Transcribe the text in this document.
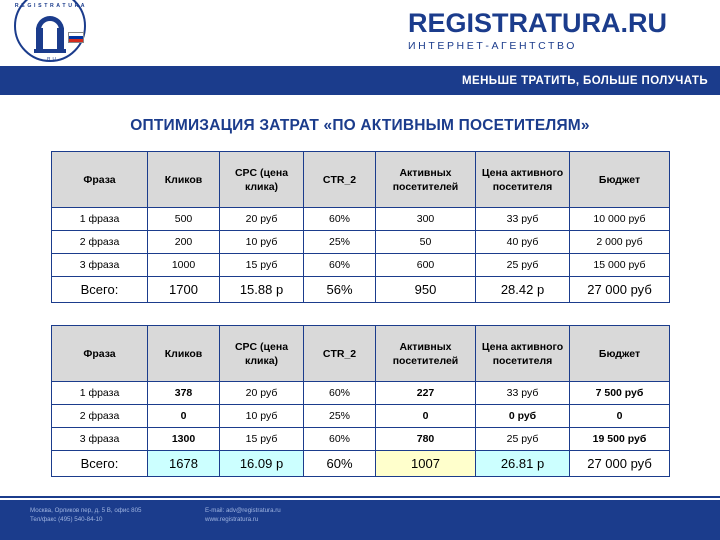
R E G I S T R A T U R A
. R U
REGISTRATURA.RU
ИНТЕРНЕТ-АГЕНТСТВО
МЕНЬШЕ ТРАТИТЬ, БОЛЬШЕ ПОЛУЧАТЬ
ОПТИМИЗАЦИЯ ЗАТРАТ «ПО АКТИВНЫМ ПОСЕТИТЕЛЯМ»
Фраза	Кликов	CPC (цена клика)	CTR_2	Активных посетителей	Цена активного посетителя	Бюджет
1 фраза	500	20 руб	60%	300	33 руб	10 000 руб
2 фраза	200	10 руб	25%	50	40 руб	2 000 руб
3 фраза	1000	15 руб	60%	600	25 руб	15 000 руб
Всего:	1700	15.88 р	56%	950	28.42 р	27 000 руб
Фраза	Кликов	CPC (цена клика)	CTR_2	Активных посетителей	Цена активного посетителя	Бюджет
1 фраза	378	20 руб	60%	227	33 руб	7 500 руб
2 фраза	0	10 руб	25%	0	0 руб	0
3 фраза	1300	15 руб	60%	780	25 руб	19 500 руб
Всего:	1678	16.09 р	60%	1007	26.81 р	27 000 руб
Москва, Орликов пер, д. 5 В, офис 805
Тел/факс (495) 540-84-10
E-mail: adv@registratura.ru
www.registratura.ru
